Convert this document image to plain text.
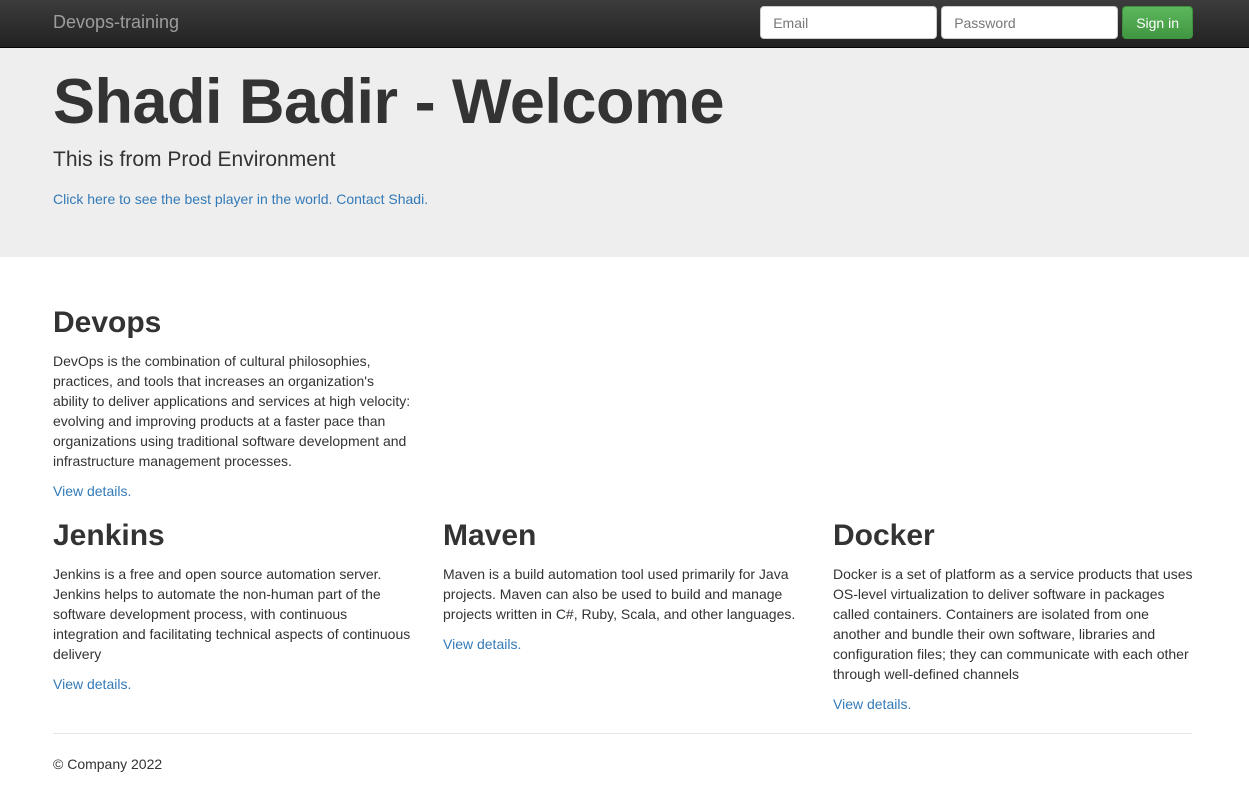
Devops-training
Email	Sign in
Shadi Badir - Welcome

This is from Prod Environment

Click here to see the best player in the world. Contact Shadi.
Devops

DevOps is the combination of cultural philosophies, practices, and tools that increases an organization's ability to deliver applications and services at high velocity: evolving and improving products at a faster pace than organizations using traditional software development and infrastructure management processes.

View details.
Jenkins

Jenkins is a free and open source automation server. Jenkins helps to automate the non-human part of the software development process, with continuous integration and facilitating technical aspects of continuous delivery

View details.
Maven

Maven is a build automation tool used primarily for Java projects. Maven can also be used to build and manage projects written in C#, Ruby, Scala, and other languages.

View details.
Docker

Docker is a set of platform as a service products that uses OS-level virtualization to deliver software in packages called containers. Containers are isolated from one another and bundle their own software, libraries and configuration files; they can communicate with each other through well-defined channels

View details.
© Company 2022
